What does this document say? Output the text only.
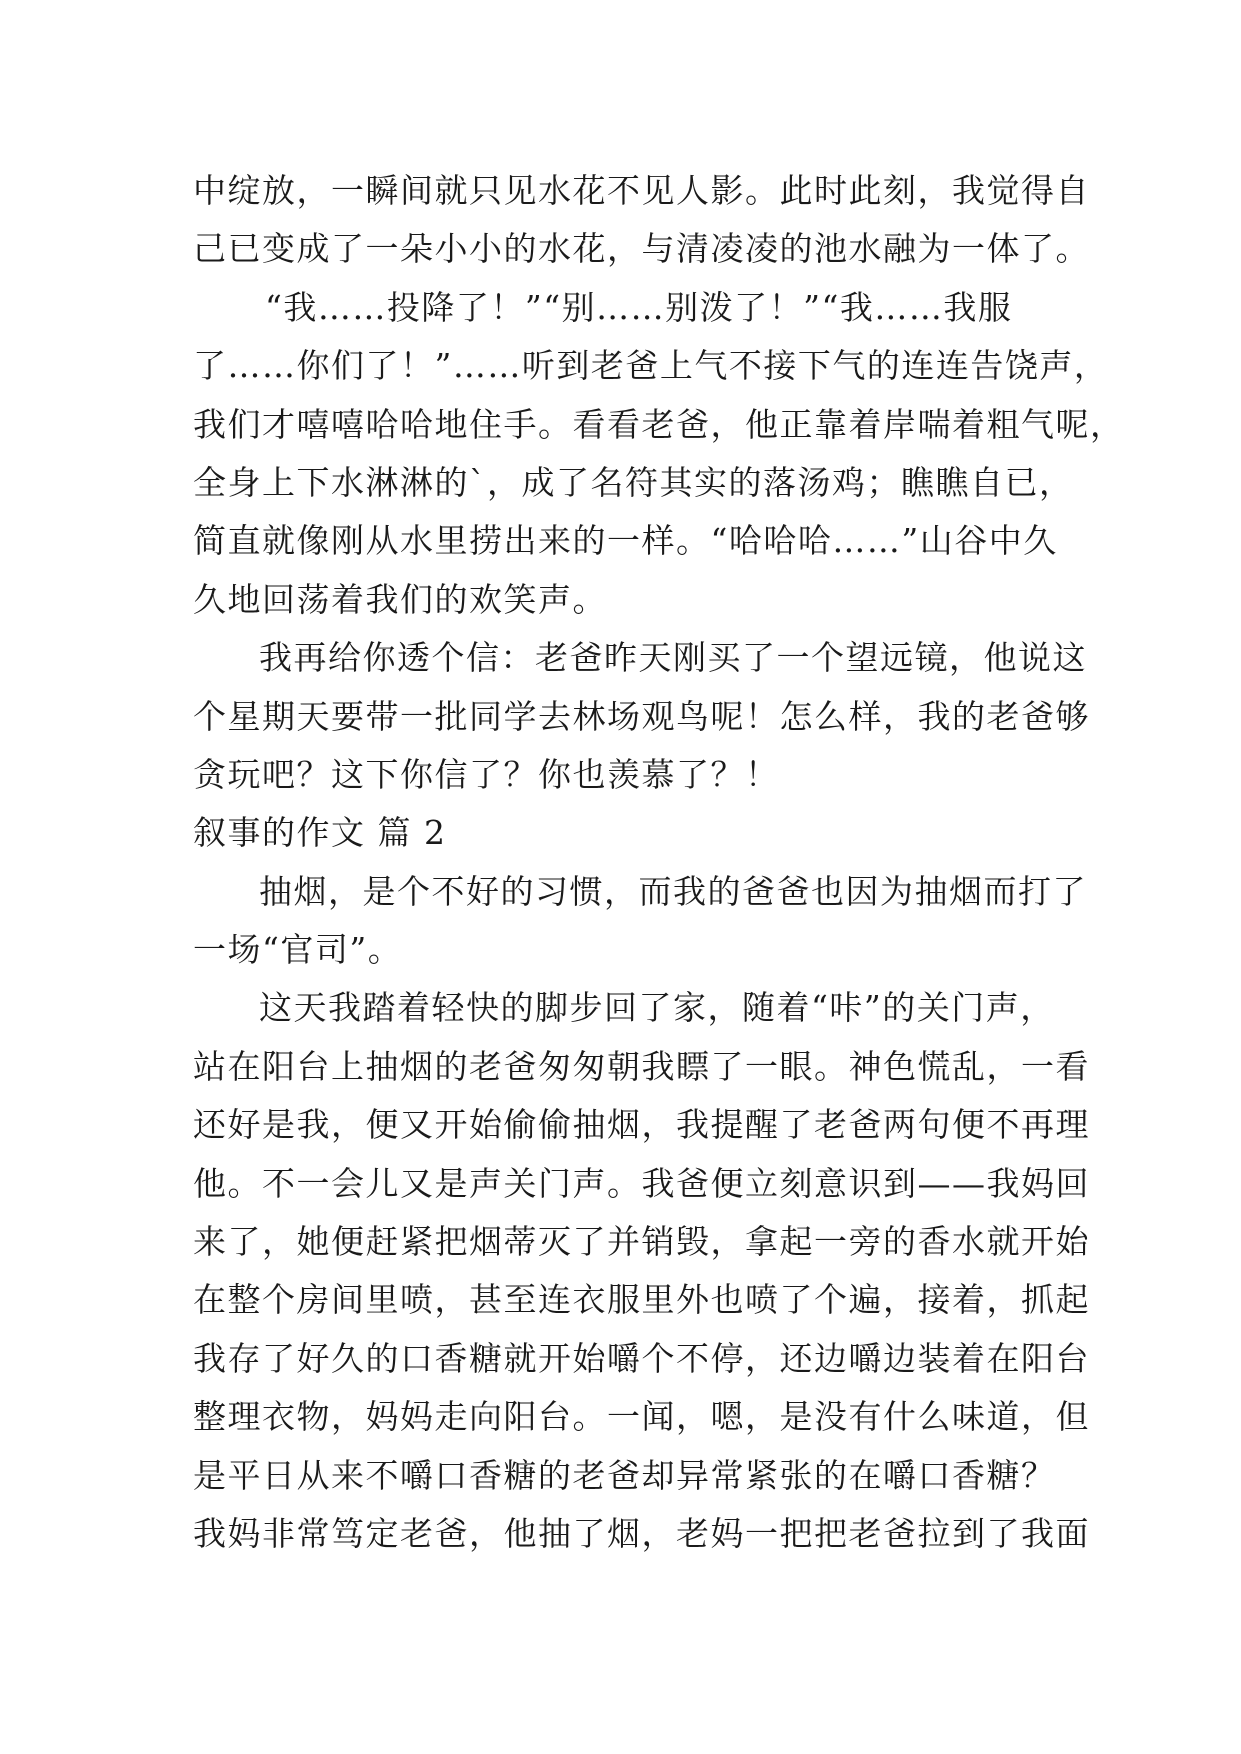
中绽放，一瞬间就只见水花不见人影。此时此刻，我觉得自
己已变成了一朵小小的水花，与清凌凌的池水融为一体了。
“我……投降了！”“别……别泼了！”“我……我服
了……你们了！”……听到老爸上气不接下气的连连告饶声，
我们才嘻嘻哈哈地住手。看看老爸，他正靠着岸喘着粗气呢，
全身上下水淋淋的`，成了名符其实的落汤鸡；瞧瞧自已，
简直就像刚从水里捞出来的一样。“哈哈哈……”山谷中久
久地回荡着我们的欢笑声。
我再给你透个信：老爸昨天刚买了一个望远镜，他说这
个星期天要带一批同学去林场观鸟呢！怎么样，我的老爸够
贪玩吧？这下你信了？你也羡慕了？！
叙事的作文 篇 2
抽烟，是个不好的习惯，而我的爸爸也因为抽烟而打了
一场“官司”。
这天我踏着轻快的脚步回了家，随着“咔”的关门声，
站在阳台上抽烟的老爸匆匆朝我瞟了一眼。神色慌乱，一看
还好是我，便又开始偷偷抽烟，我提醒了老爸两句便不再理
他。不一会儿又是声关门声。我爸便立刻意识到——我妈回
来了，她便赶紧把烟蒂灭了并销毁，拿起一旁的香水就开始
在整个房间里喷，甚至连衣服里外也喷了个遍，接着，抓起
我存了好久的口香糖就开始嚼个不停，还边嚼边装着在阳台
整理衣物，妈妈走向阳台。一闻，嗯，是没有什么味道，但
是平日从来不嚼口香糖的老爸却异常紧张的在嚼口香糖？
我妈非常笃定老爸，他抽了烟，老妈一把把老爸拉到了我面
